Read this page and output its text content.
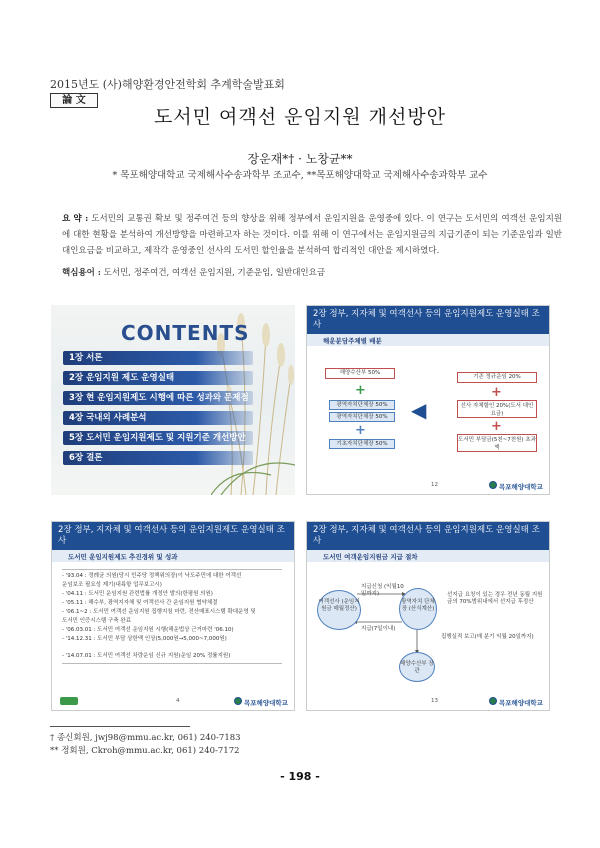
2015년도 (사)해양환경안전학회 추계학술발표회
論 文
도서민 여객선 운임지원 개선방안
장운재*† · 노창균**
* 목포해양대학교 국제해사수송과학부 조교수, **목포해양대학교 국제해사수송과학부 교수
요 약 : 도서민의 교통권 확보 및 정주여건 등의 향상을 위해 정부에서 운임지원을 운영중에 있다. 이 연구는 도서민의 여객선 운임지원에 대한 현황을 분석하여 개선방향을 마련하고자 하는 것이다. 이를 위해 이 연구에서는 운임지원금의 지급기준이 되는 기준운임과 일반대인요금을 비교하고, 제작각 운영중인 선사의 도서민 할인율을 분석하여 합리적인 대안을 제시하였다.
핵심용어 : 도서민, 정주여건, 여객선 운임지원, 기준운임, 일반대인요금
CONTENTS
1장 서론
2장 운임지원 제도 운영실태
3장 현 운임지원제도 시행에 따른 성과와 문제점
4장 국내외 사례분석
5장 도서민 운임지원제도 및 지원기준 개선방안
6장 결론
2장 정부, 지자체 및 여객선사 등의 운임지원제도 운영실태 조사
해운분담주체별 배분
해양수산부 50%
+
광역자치단체장 50%
광역자치단체장 50%
+
기초자치단체장 50%
◀
기존 정규운임 20%
+
선사 자체할인 20%(도서 대인요금)
+
도서민 부담금(5천~7천원) 초과액
12	목포해양대학교
2장 정부, 지자체 및 여객선사 등의 운임지원제도 운영실태 조사
도서민 운임지원제도 추진경위 및 성과
- '93.04 : 정례균 의원(당시 민주당 정책위의장)이 낙도주민에 대한 여객선
운임보조 필요성 제기(내륙항 업무보고시)
- '04.11 : 도서민 운임지원 관련법률 개정안 발의(한평원 의원)
- '05.11 : 해수부, 광역지자체 및 여객선사 간 운임지원 협약체결
- '06.1~2 : 도서민 여객선 운임지원 집행지침 마련, 전산매표시스템 확대운영 및
도서민 인증시스템 구축 완료
- '06.03.01 : 도서민 여객선 운임지원 시행(해운법상 근거마련 '06.10)
- '14.12.31 : 도서민 부담 상한액 인상(5,000원→5,000~7,000원)
- '14.07.01 : 도서민 여객선 차량운임 신규 지원(운임 20% 정률지원)
4	목포해양대학교
2장 정부, 지자체 및 여객선사 등의 운임지원제도 운영실태 조사
도서민 여객운임지원금 지급 절차
여객선사 (운임지원금 매월정산)
광역자치 단체장 (산식계산)
해양수산부 장관
지급신청 (익월10일까지)
지급(7일이내)
선지급 요청이 있는 경우 전년 동월 지원금의 70%범위내에서 선지급 후정산
집행실적 보고(매 분기 익월 20일까지)
13	목포해양대학교
† 종신회원, jwj98@mmu.ac.kr, 061) 240-7183
** 정회원, Ckroh@mmu.ac.kr, 061) 240-7172
- 198 -
